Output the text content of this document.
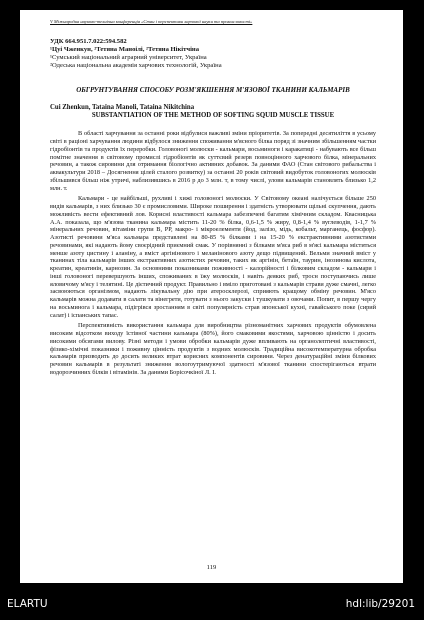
V Міжнародна науково-технічна конференція «Стан і перспективи харчової науки та промисловості»
УДК 664.951.7.022:594.582
¹Цуі Чженкун, ²Тетяна Маноілі, ²Тетяна Нікітчіна
¹Сумський національний аграрний університет, Україна
²Одеська національна академія харчових технологій, Україна
ОБГРУНТУВАННЯ СПОСОБУ РОЗМ'ЯКШЕННЯ М'ЯЗОВОЇ ТКАНИНИ КАЛЬМАРІВ
Cui Zhenkun, Tataina Manoli, Tataina Nikitchina
SUBSTANTIATION OF THE METHOD OF SOFTING SQUID MUSCLE TISSUE

В області харчування за останні роки відбулися важливі зміни пріоритетів. За попередні десятиліття в усьому світі в раціоні харчування людини відбулося зниження споживання м'ясного білка поряд зі значним збільшенням частки гідробіонтів та продуктів їх переробки. Головоногі молюски - кальмари, восьминоги і каракатиці - набувають все більш помітне значення в світовому промислі гідробіонтів як суттєвий резерв повноцінного харчового білка, мінеральних речовин, а також сировини для отримання біологічно активних добавок. За даними ФАО (Стан світового рибальства і аквакультури 2018 – Досягнення цілей сталого розвитку) за останні 20 років світовий видобуток головоногих молюсків збільшився більш ніж утричі, наблизившись в 2016 р до 3 млн. т, в тому числі, улови кальмарів становлять близько 1,2 млн. т.

Кальмари - це найбільші, рухливі і хижі головоногі молюски. У Світовому океані налічується більше 250 видів кальмарів, з них близько 30 є промисловими. Широке поширення і здатність утворювати щільні скупчення, дають можливість вести ефективний лов. Корисні властивості кальмара забезпечені багатим хімічним складом. Квасницька А.А. показала, що м'язова тканина кальмара містить 11-20 % білка, 0,6-1,5 % жиру, 0,8-1,4 % вуглеводів, 1-1,7 % мінеральних речовин, вітаміни групи В, PP, макро- і мікроелементи (йод, залізо, мідь, кобальт, марганець, фосфор). Азотисті речовини м'яса кальмара представлені на 80-85 % білками і на 15-20 % екстрактивними азотистими речовинами, які надають йому своєрідний приємний смак. У порівнянні з білками м'яса риб в м'ясі кальмара міститься менше азоту цистину і аланіну, а вміст аргінінового і меланінового азоту дещо підвищений. Вельми значний вміст у тканинах тіла кальмарів інших екстрактивних азотистих речовин, таких як аргінін, бетаїн, таурин, інозинова кислота, креатин, креатинін, карнозин. За основними показниками поживності - калорійності і білковим складом - кальмари і інші головоногі перевершують інших, споживаних в їжу молюсків, і навіть деяких риб, тросн поступаючись лише яловичому м'ясу і телятині. Це дієтичний продукт. Правильно і вміло приготовані з кальмарів страви дуже смачні, легко засвоюються організмом, надають лікувальну дію при атеросклерозі, сприяють кращому обміну речовин. М'ясо кальмарів можна додавати в салати та вінегрети, готувати з нього закуски і тушкувати з овочами. Попит, в першу чергу на восьминога і кальмара, підігрівся зростанням в світі популярність страв японської кухні, гавайського поке (сирий салат) і іспанських тапас.

Перспективність використання кальмара для виробництва різноманітних харчових продуктів обумовлена високим відсотком виходу їстівної частини кальмара (80%), його смаковими якостями, харчовою цінністю і досить високими обсягами вилову. Різні методи і умови обробки кальмарів дуже впливають на органолептичні властивості, фізико-хімічні показники і поживну цінність продуктів з водних молюсків. Традиційна високотемпературна обробка кальмарів призводить до досить великих втрат корисних компонентів сировини. Через денатураційні зміни білкових речовин кальмарів в результаті зниження вологоутримуючої здатності м'язової тканини спостерігаються втрати водорозчинних білків і вітамінів. За даними Борісочкіної Л. І.

119
ELARTU	hdl:lib/29201
